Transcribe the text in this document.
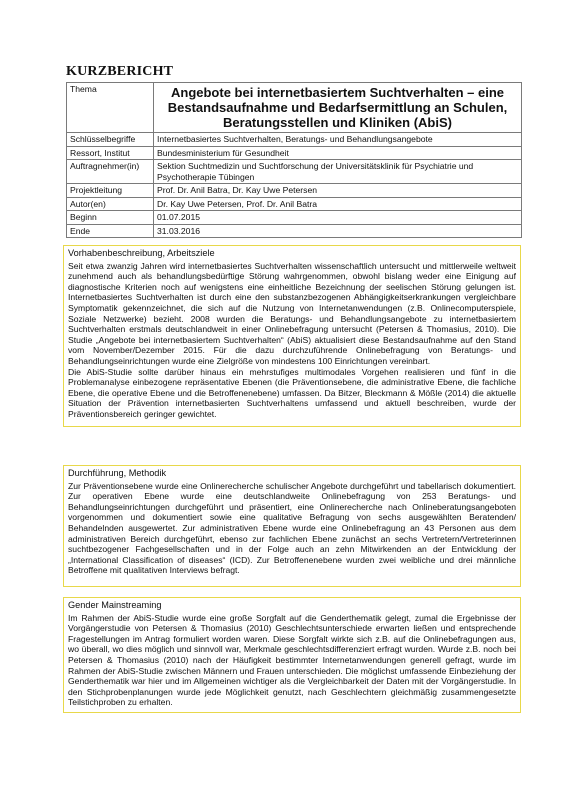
KURZBERICHT
Thema	Angebote bei internetbasiertem Suchtverhalten – eine Bestandsaufnahme und Bedarfsermittlung an Schulen, Beratungsstellen und Kliniken (AbiS)
Schlüsselbegriffe	Internetbasiertes Suchtverhalten, Beratungs- und Behandlungsangebote
Ressort, Institut	Bundesministerium für Gesundheit
Auftragnehmer(in)	Sektion Suchtmedizin und Suchtforschung der Universitätsklinik für Psychiatrie und Psychotherapie Tübingen
Projektleitung	Prof. Dr. Anil Batra, Dr. Kay Uwe Petersen
Autor(en)	Dr. Kay Uwe Petersen, Prof. Dr. Anil Batra
Beginn	01.07.2015
Ende	31.03.2016
Vorhabenbeschreibung, Arbeitsziele

Seit etwa zwanzig Jahren wird internetbasiertes Suchtverhalten wissenschaftlich untersucht und mittlerweile weltweit zunehmend auch als behandlungsbedürftige Störung wahrgenommen, obwohl bislang weder eine Einigung auf diagnostische Kriterien noch auf wenigstens eine einheitliche Bezeichnung der seelischen Störung gelungen ist. Internetbasiertes Suchtverhalten ist durch eine den substanzbezogenen Abhängigkeitserkrankungen vergleichbare Symptomatik gekennzeichnet, die sich auf die Nutzung von Internetanwendungen (z.B. Onlinecomputerspiele, Soziale Netzwerke) bezieht. 2008 wurden die Beratungs- und Behandlungsangebote zu internetbasiertem Suchtverhalten erstmals deutschlandweit in einer Onlinebefragung untersucht (Petersen & Thomasius, 2010). Die Studie „Angebote bei internetbasiertem Suchtverhalten“ (AbiS) aktualisiert diese Bestandsaufnahme auf den Stand vom November/Dezember 2015. Für die dazu durchzuführende Onlinebefragung von Beratungs- und Behandlungseinrichtungen wurde eine Zielgröße von mindestens 100 Einrichtungen vereinbart.

Die AbiS-Studie sollte darüber hinaus ein mehrstufiges multimodales Vorgehen realisieren und fünf in die Problemanalyse einbezogene repräsentative Ebenen (die Präventionsebene, die administrative Ebene, die fachliche Ebene, die operative Ebene und die Betroffenenebene) umfassen. Da Bitzer, Bleckmann & Mößle (2014) die aktuelle Situation der Prävention internetbasierten Suchtverhaltens umfassend und aktuell beschreiben, wurde der Präventionsbereich geringer gewichtet.

Durchführung, Methodik

Zur Präventionsebene wurde eine Onlinerecherche schulischer Angebote durchgeführt und tabellarisch dokumentiert. Zur operativen Ebene wurde eine deutschlandweite Onlinebefragung von 253 Beratungs- und Behandlungseinrichtungen durchgeführt und präsentiert, eine Onlinerecherche nach Onlineberatungsangeboten vorgenommen und dokumentiert sowie eine qualitative Befragung von sechs ausgewählten Beratenden/ Behandelnden ausgewertet. Zur administrativen Ebene wurde eine Onlinebefragung an 43 Personen aus dem administrativen Bereich durchgeführt, ebenso zur fachlichen Ebene zunächst an sechs Vertretern/Vertreterinnen suchtbezogener Fachgesellschaften und in der Folge auch an zehn Mitwirkenden an der Entwicklung der „International Classification of diseases“ (ICD). Zur Betroffenenebene wurden zwei weibliche und drei männliche Betroffene mit qualitativen Interviews befragt.

Gender Mainstreaming

Im Rahmen der AbiS-Studie wurde eine große Sorgfalt auf die Genderthematik gelegt, zumal die Ergebnisse der Vorgängerstudie von Petersen & Thomasius (2010) Geschlechtsunterschiede erwarten ließen und entsprechende Fragestellungen im Antrag formuliert worden waren. Diese Sorgfalt wirkte sich z.B. auf die Onlinebefragungen aus, wo überall, wo dies möglich und sinnvoll war, Merkmale geschlechtsdifferenziert erfragt wurden. Wurde z.B. noch bei Petersen & Thomasius (2010) nach der Häufigkeit bestimmter Internetanwendungen generell gefragt, wurde im Rahmen der AbiS-Studie zwischen Männern und Frauen unterschieden. Die möglichst umfassende Einbeziehung der Genderthematik war hier und im Allgemeinen wichtiger als die Vergleichbarkeit der Daten mit der Vorgängerstudie. In den Stichprobenplanungen wurde jede Möglichkeit genutzt, nach Geschlechtern gleichmäßig zusammengesetzte Teilstichproben zu erhalten.
